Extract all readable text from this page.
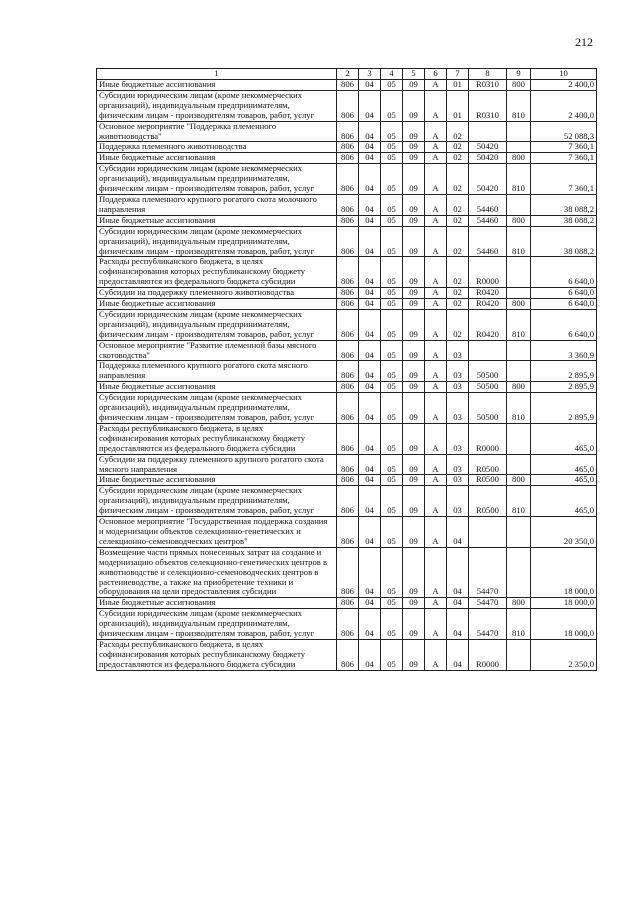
212
1	2	3	4	5	6	7	8	9	10
Иные бюджетные ассигнования	806	04	05	09	А	01	R0310	800	2 400,0
Субсидии юридическим лицам (кроме некоммерческих организаций), индивидуальным предпринимателям, физическим лицам - производителям товаров, работ, услуг	806	04	05	09	А	01	R0310	810	2 400,0
Основное мероприятие "Поддержка племенного животноводства"	806	04	05	09	А	02			52 088,3
Поддержка племенного животноводства	806	04	05	09	А	02	50420		7 360,1
Иные бюджетные ассигнования	806	04	05	09	А	02	50420	800	7 360,1
Субсидии юридическим лицам (кроме некоммерческих организаций), индивидуальным предпринимателям, физическим лицам - производителям товаров, работ, услуг	806	04	05	09	А	02	50420	810	7 360,1
Поддержка племенного крупного рогатого скота молочного направления	806	04	05	09	А	02	54460		38 088,2
Иные бюджетные ассигнования	806	04	05	09	А	02	54460	800	38 088,2
Субсидии юридическим лицам (кроме некоммерческих организаций), индивидуальным предпринимателям, физическим лицам - производителям товаров, работ, услуг	806	04	05	09	А	02	54460	810	38 088,2
Расходы республиканского бюджета, в целях софинансирования которых республиканскому бюджету предоставляются из федерального бюджета субсидии	806	04	05	09	А	02	R0000		6 640,0
Субсидии на поддержку племенного животноводства	806	04	05	09	А	02	R0420		6 640,0
Иные бюджетные ассигнования	806	04	05	09	А	02	R0420	800	6 640,0
Субсидии юридическим лицам (кроме некоммерческих организаций), индивидуальным предпринимателям, физическим лицам - производителям товаров, работ, услуг	806	04	05	09	А	02	R0420	810	6 640,0
Основное мероприятие "Развитие племенной базы мясного скотоводства"	806	04	05	09	А	03			3 360,9
Поддержка племенного крупного рогатого скота мясного направления	806	04	05	09	А	03	50500		2 895,9
Иные бюджетные ассигнования	806	04	05	09	А	03	50500	800	2 895,9
Субсидии юридическим лицам (кроме некоммерческих организаций), индивидуальным предпринимателям, физическим лицам - производителям товаров, работ, услуг	806	04	05	09	А	03	50500	810	2 895,9
Расходы республиканского бюджета, в целях софинансирования которых республиканскому бюджету предоставляются из федерального бюджета субсидии	806	04	05	09	А	03	R0000		465,0
Субсидии на поддержку племенного крупного рогатого скота мясного направления	806	04	05	09	А	03	R0500		465,0
Иные бюджетные ассигнования	806	04	05	09	А	03	R0500	800	465,0
Субсидии юридическим лицам (кроме некоммерческих организаций), индивидуальным предпринимателям, физическим лицам - производителям товаров, работ, услуг	806	04	05	09	А	03	R0500	810	465,0
Основное мероприятие "Государственная поддержка создания и модернизации объектов селекционно-генетических и селекционно-семеноводческих центров"	806	04	05	09	А	04			20 350,0
Возмещение части прямых понесенных затрат на создание и модернизацию объектов селекционно-генетических центров в животноводстве и селекционно-семеноводческих центров в растениеводстве, а также на приобретение техники и оборудования на цели предоставления субсидии	806	04	05	09	А	04	54470		18 000,0
Иные бюджетные ассигнования	806	04	05	09	А	04	54470	800	18 000,0
Субсидии юридическим лицам (кроме некоммерческих организаций), индивидуальным предпринимателям, физическим лицам - производителям товаров, работ, услуг	806	04	05	09	А	04	54470	810	18 000,0
Расходы республиканского бюджета, в целях софинансирования которых республиканскому бюджету предоставляются из федерального бюджета субсидии	806	04	05	09	А	04	R0000		2 350,0
